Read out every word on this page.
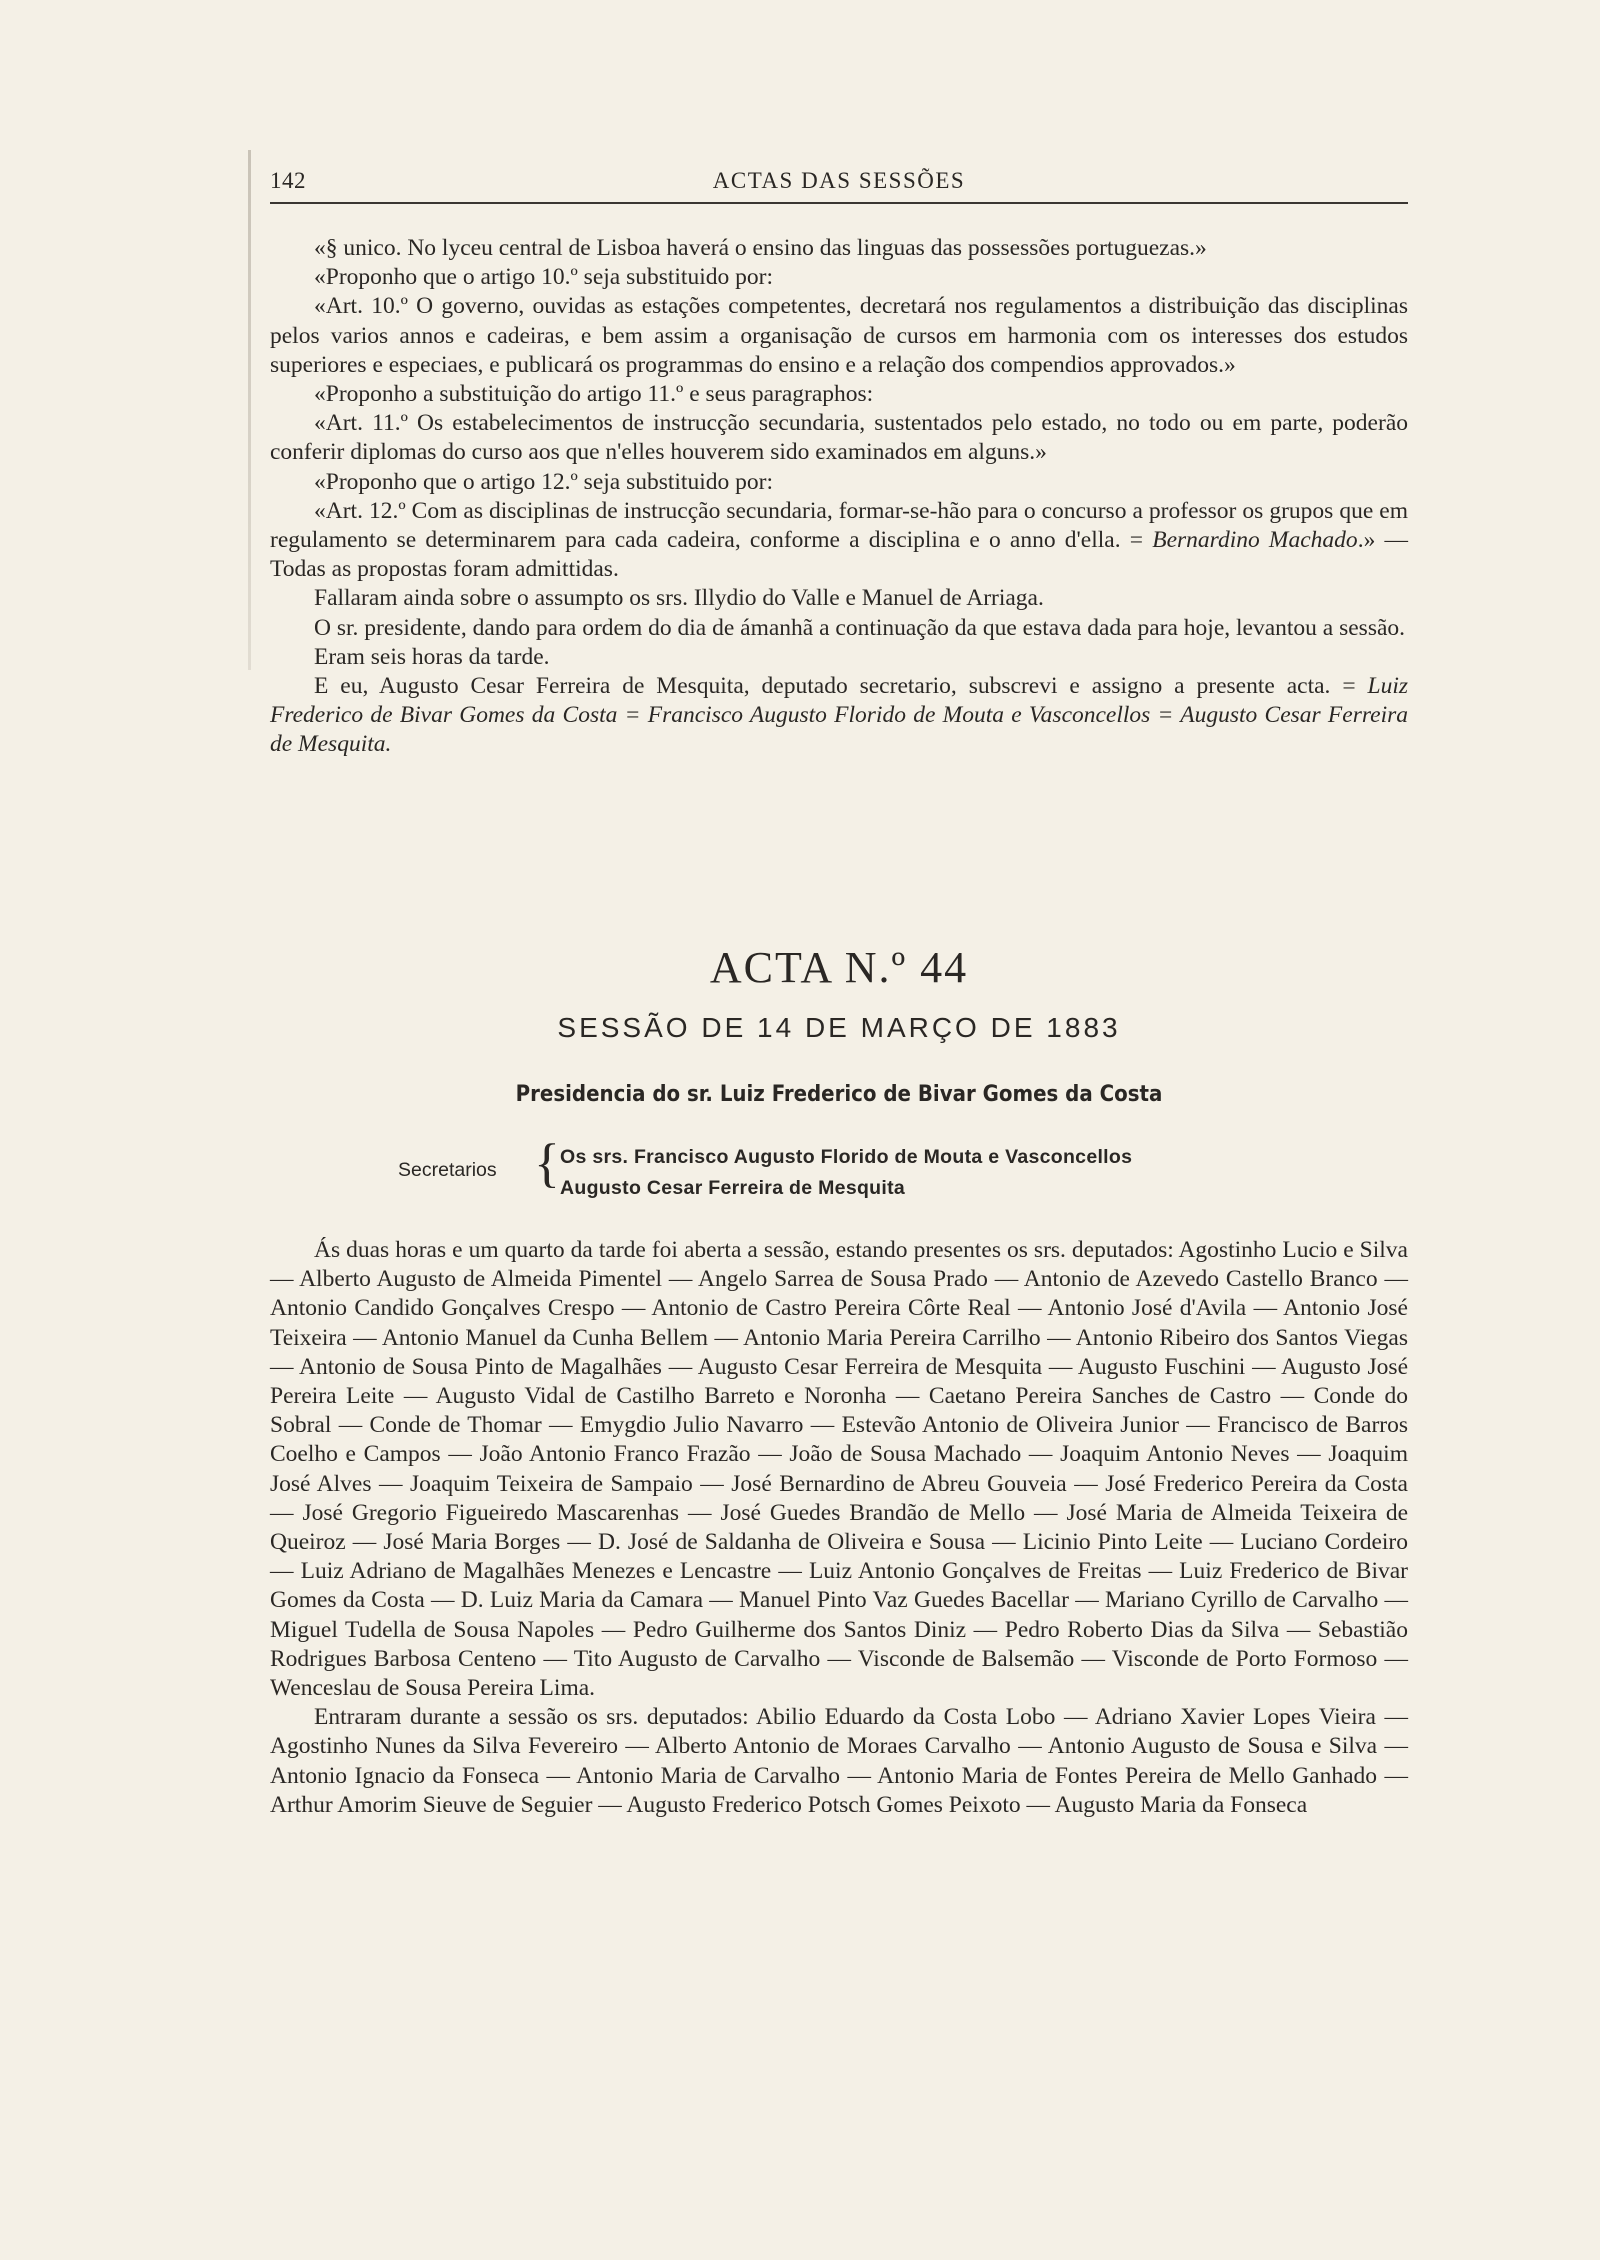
142	ACTAS DAS SESSÕES

«§ unico. No lyceu central de Lisboa haverá o ensino das linguas das possessões portuguezas.»

«Proponho que o artigo 10.º seja substituido por:

«Art. 10.º O governo, ouvidas as estações competentes, decretará nos regulamentos a distribuição das disciplinas pelos varios annos e cadeiras, e bem assim a organisação de cursos em harmonia com os interesses dos estudos superiores e especiaes, e publicará os programmas do ensino e a relação dos compendios approvados.»

«Proponho a substituição do artigo 11.º e seus paragraphos:

«Art. 11.º Os estabelecimentos de instrucção secundaria, sustentados pelo estado, no todo ou em parte, poderão conferir diplomas do curso aos que n'elles houverem sido examinados em alguns.»

«Proponho que o artigo 12.º seja substituido por:

«Art. 12.º Com as disciplinas de instrucção secundaria, formar-se-hão para o concurso a professor os grupos que em regulamento se determinarem para cada cadeira, conforme a disciplina e o anno d'ella. = Bernardino Machado.» — Todas as propostas foram admittidas.

Fallaram ainda sobre o assumpto os srs. Illydio do Valle e Manuel de Arriaga.

O sr. presidente, dando para ordem do dia de ámanhã a continuação da que estava dada para hoje, levantou a sessão.

Eram seis horas da tarde.

E eu, Augusto Cesar Ferreira de Mesquita, deputado secretario, subscrevi e assigno a presente acta. = Luiz Frederico de Bivar Gomes da Costa = Francisco Augusto Florido de Mouta e Vasconcellos = Augusto Cesar Ferreira de Mesquita.

ACTA N.º 44
SESSÃO DE 14 DE MARÇO DE 1883
Presidencia do sr. Luiz Frederico de Bivar Gomes da Costa
Secretarios { Os srs. Francisco Augusto Florido de Mouta e Vasconcellos
Augusto Cesar Ferreira de Mesquita

Ás duas horas e um quarto da tarde foi aberta a sessão, estando presentes os srs. deputados: Agostinho Lucio e Silva — Alberto Augusto de Almeida Pimentel — Angelo Sarrea de Sousa Prado — Antonio de Azevedo Castello Branco — Antonio Candido Gonçalves Crespo — Antonio de Castro Pereira Côrte Real — Antonio José d'Avila — Antonio José Teixeira — Antonio Manuel da Cunha Bellem — Antonio Maria Pereira Carrilho — Antonio Ribeiro dos Santos Viegas — Antonio de Sousa Pinto de Magalhães — Augusto Cesar Ferreira de Mesquita — Augusto Fuschini — Augusto José Pereira Leite — Augusto Vidal de Castilho Barreto e Noronha — Caetano Pereira Sanches de Castro — Conde do Sobral — Conde de Thomar — Emygdio Julio Navarro — Estevão Antonio de Oliveira Junior — Francisco de Barros Coelho e Campos — João Antonio Franco Frazão — João de Sousa Machado — Joaquim Antonio Neves — Joaquim José Alves — Joaquim Teixeira de Sampaio — José Bernardino de Abreu Gouveia — José Frederico Pereira da Costa — José Gregorio Figueiredo Mascarenhas — José Guedes Brandão de Mello — José Maria de Almeida Teixeira de Queiroz — José Maria Borges — D. José de Saldanha de Oliveira e Sousa — Licinio Pinto Leite — Luciano Cordeiro — Luiz Adriano de Magalhães Menezes e Lencastre — Luiz Antonio Gonçalves de Freitas — Luiz Frederico de Bivar Gomes da Costa — D. Luiz Maria da Camara — Manuel Pinto Vaz Guedes Bacellar — Mariano Cyrillo de Carvalho — Miguel Tudella de Sousa Napoles — Pedro Guilherme dos Santos Diniz — Pedro Roberto Dias da Silva — Sebastião Rodrigues Barbosa Centeno — Tito Augusto de Carvalho — Visconde de Balsemão — Visconde de Porto Formoso — Wenceslau de Sousa Pereira Lima.

Entraram durante a sessão os srs. deputados: Abilio Eduardo da Costa Lobo — Adriano Xavier Lopes Vieira — Agostinho Nunes da Silva Fevereiro — Alberto Antonio de Moraes Carvalho — Antonio Augusto de Sousa e Silva — Antonio Ignacio da Fonseca — Antonio Maria de Carvalho — Antonio Maria de Fontes Pereira de Mello Ganhado — Arthur Amorim Sieuve de Seguier — Augusto Frederico Potsch Gomes Peixoto — Augusto Maria da Fonseca
